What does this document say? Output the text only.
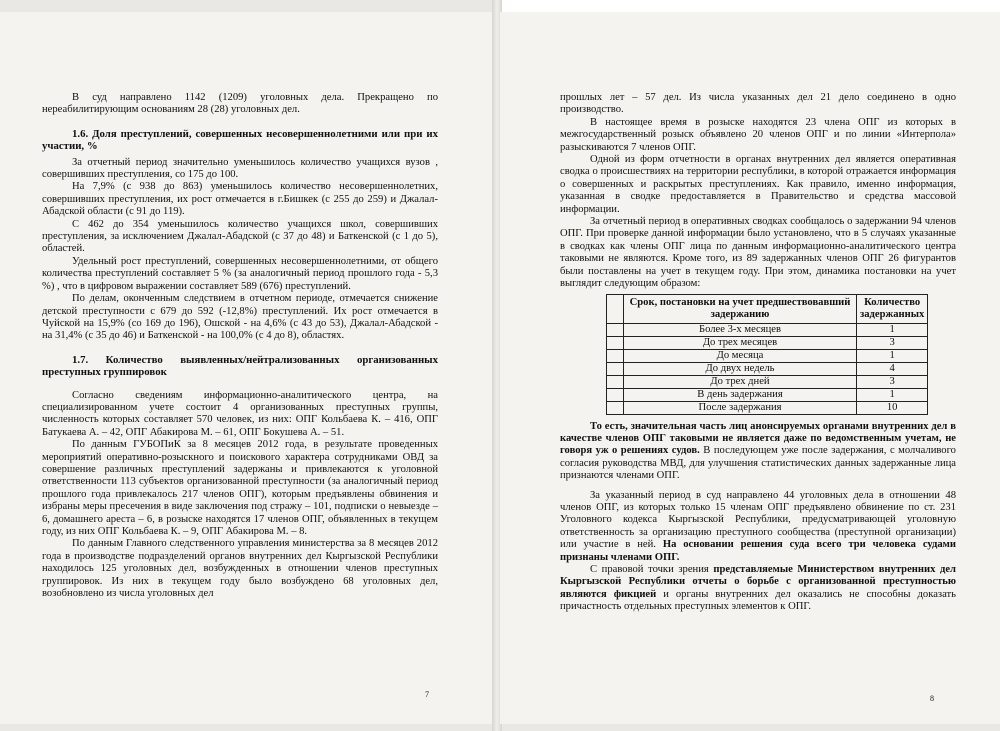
В суд направлено 1142 (1209) уголовных дела. Прекращено по нереабилитирующим основаниям 28 (28) уголовных дел.

1.6. Доля преступлений, совершенных несовершеннолетними или при их участии, %

За отчетный период значительно уменьшилось количество учащихся вузов , совершивших преступления, со 175 до 100.

На 7,9% (с 938 до 863) уменьшилось количество несовершеннолетних, совершивших преступления, их рост отмечается в г.Бишкек (с 255 до 259) и Джалал-Абадской области (с 91 до 119).

С 462 до 354 уменьшилось количество учащихся школ, совершивших преступления, за исключением Джалал-Абадской (с 37 до 48) и Баткенской (с 1 до 5), областей.

Удельный рост преступлений, совершенных несовершеннолетними, от общего количества преступлений составляет 5 % (за аналогичный период прошлого года - 5,3 %) , что в цифровом выражении составляет 589 (676) преступлений.

По делам, оконченным следствием в отчетном периоде, отмечается снижение детской преступности с 679 до 592 (-12,8%) преступлений. Их рост отмечается в Чуйской на 15,9% (со 169 до 196), Ошской - на 4,6% (с 43 до 53), Джалал-Абадской - на 31,4% (с 35 до 46) и Баткенской - на 100,0% (с 4 до 8), областях.

1.7. Количество выявленных/нейтрализованных организованных преступных группировок

Согласно сведениям информационно-аналитического центра, на специализированном учете состоит 4 организованных преступных группы, численность которых составляет 570 человек, из них: ОПГ Кольбаева К. – 416, ОПГ Батукаева А. – 42, ОПГ Абакирова М. – 61, ОПГ Бокушева А. – 51.

По данным ГУБОПиК за 8 месяцев 2012 года, в результате проведенных мероприятий оперативно-розыскного и поискового характера сотрудниками ОВД за совершение различных преступлений задержаны и привлекаются к уголовной ответственности 113 субъектов организованной преступности (за аналогичный период прошлого года привлекалось 217 членов ОПГ), которым предъявлены обвинения и избраны меры пресечения в виде заключения под стражу – 101, подписки о невыезде – 6, домашнего ареста – 6, в розыске находятся 17 членов ОПГ, объявленных в текущем году, из них ОПГ Кольбаева К. – 9, ОПГ Абакирова М. – 8.

По данным Главного следственного управления министерства за 8 месяцев 2012 года в производстве подразделений органов внутренних дел Кыргызской Республики находилось 125 уголовных дел, возбужденных в отношении членов преступных группировок. Из них в текущем году было возбуждено 68 уголовных дел, возобновлено из числа уголовных дел

7

прошлых лет – 57 дел. Из числа указанных дел 21 дело соединено в одно производство.

В настоящее время в розыске находятся 23 члена ОПГ из которых в межгосударственный розыск объявлено 20 членов ОПГ и по линии «Интерпола» разыскиваются 7 членов ОПГ.

Одной из форм отчетности в органах внутренних дел является оперативная сводка о происшествиях на территории республики, в которой отражается информация о совершенных и раскрытых преступлениях. Как правило, именно информация, указанная в сводке предоставляется в Правительство и средства массовой информации.

За отчетный период в оперативных сводках сообщалось о задержании 94 членов ОПГ. При проверке данной информации было установлено, что в 5 случаях указанные в сводках как члены ОПГ лица по данным информационно-аналитического центра таковыми не являются. Кроме того, из 89 задержанных членов ОПГ 26 фигурантов были поставлены на учет в текущем году. При этом, динамика постановки на учет выглядит следующим образом:

	Срок, постановки на учет предшествовавший задержанию	Количество задержанных
	Более 3-х месяцев	1
	До трех месяцев	3
	До месяца	1
	До двух недель	4
	До трех дней	3
	В день задержания	1
	После задержания	10

То есть, значительная часть лиц анонсируемых органами внутренних дел в качестве членов ОПГ таковыми не является даже по ведомственным учетам, не говоря уж о решениях судов. В последующем уже после задержания, с молчаливого согласия руководства МВД, для улучшения статистических данных задержанные лица признаются членами ОПГ.

За указанный период в суд направлено 44 уголовных дела в отношении 48 членов ОПГ, из которых только 15 членам ОПГ предъявлено обвинение по ст. 231 Уголовного кодекса Кыргызской Республики, предусматривающей уголовную ответственность за организацию преступного сообщества (преступной организации) или участие в ней. На основании решения суда всего три человека судами признаны членами ОПГ.

С правовой точки зрения представляемые Министерством внутренних дел Кыргызской Республики отчеты о борьбе с организованной преступностью являются фикцией и органы внутренних дел оказались не способны доказать причастность отдельных преступных элементов к ОПГ.

8
